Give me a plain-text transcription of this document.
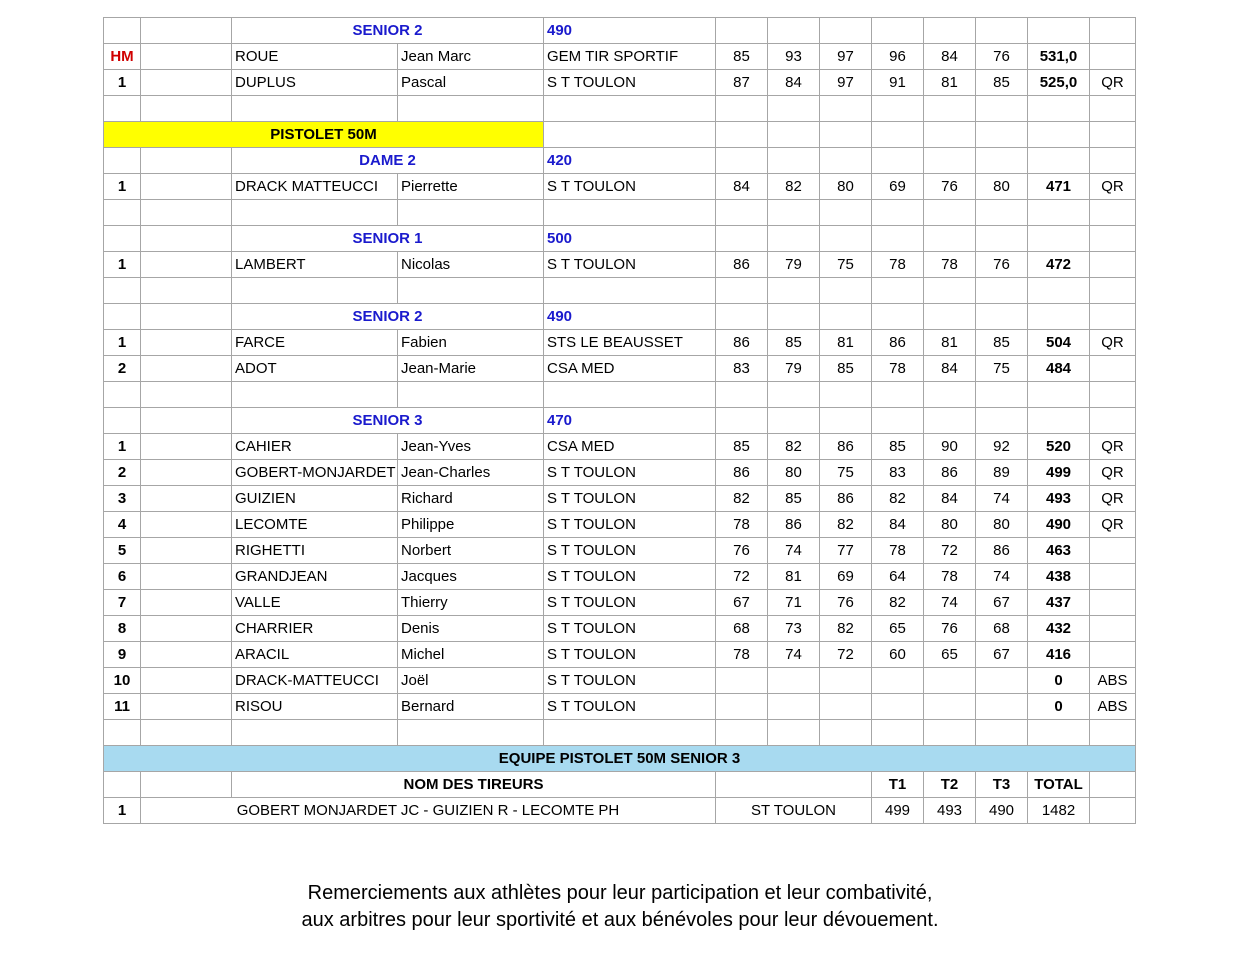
		SENIOR 2		490								
HM		ROUE	Jean Marc	GEM TIR SPORTIF	85	93	97	96	84	76	531,0	
1		DUPLUS	Pascal	S T TOULON	87	84	97	91	81	85	525,0	QR

PISTOLET 50M												
		DAME 2		420								
1		DRACK MATTEUCCI	Pierrette	S T TOULON	84	82	80	69	76	80	471	QR

		SENIOR 1		500								
1		LAMBERT	Nicolas	S T TOULON	86	79	75	78	78	76	472	

		SENIOR 2		490								
1		FARCE	Fabien	STS LE BEAUSSET	86	85	81	86	81	85	504	QR
2		ADOT	Jean-Marie	CSA MED	83	79	85	78	84	75	484	

		SENIOR 3		470								
1		CAHIER	Jean-Yves	CSA MED	85	82	86	85	90	92	520	QR
2		GOBERT-MONJARDET	Jean-Charles	S T TOULON	86	80	75	83	86	89	499	QR
3		GUIZIEN	Richard	S T TOULON	82	85	86	82	84	74	493	QR
4		LECOMTE	Philippe	S T TOULON	78	86	82	84	80	80	490	QR
5		RIGHETTI	Norbert	S T TOULON	76	74	77	78	72	86	463	
6		GRANDJEAN	Jacques	S T TOULON	72	81	69	64	78	74	438	
7		VALLE	Thierry	S T TOULON	67	71	76	82	74	67	437	
8		CHARRIER	Denis	S T TOULON	68	73	82	65	76	68	432	
9		ARACIL	Michel	S T TOULON	78	74	72	60	65	67	416	
10		DRACK-MATTEUCCI	Joël	S T TOULON							0	ABS
11		RISOU	Bernard	S T TOULON							0	ABS

EQUIPE PISTOLET 50M SENIOR 3												
		NOM DES TIREURS						T1	T2	T3	TOTAL	
1	GOBERT MONJARDET JC - GUIZIEN R - LECOMTE PH				ST TOULON			499	493	490	1482	
Remerciements aux athlètes pour leur participation et leur combativité,
aux arbitres pour leur sportivité et aux bénévoles pour leur dévouement.
